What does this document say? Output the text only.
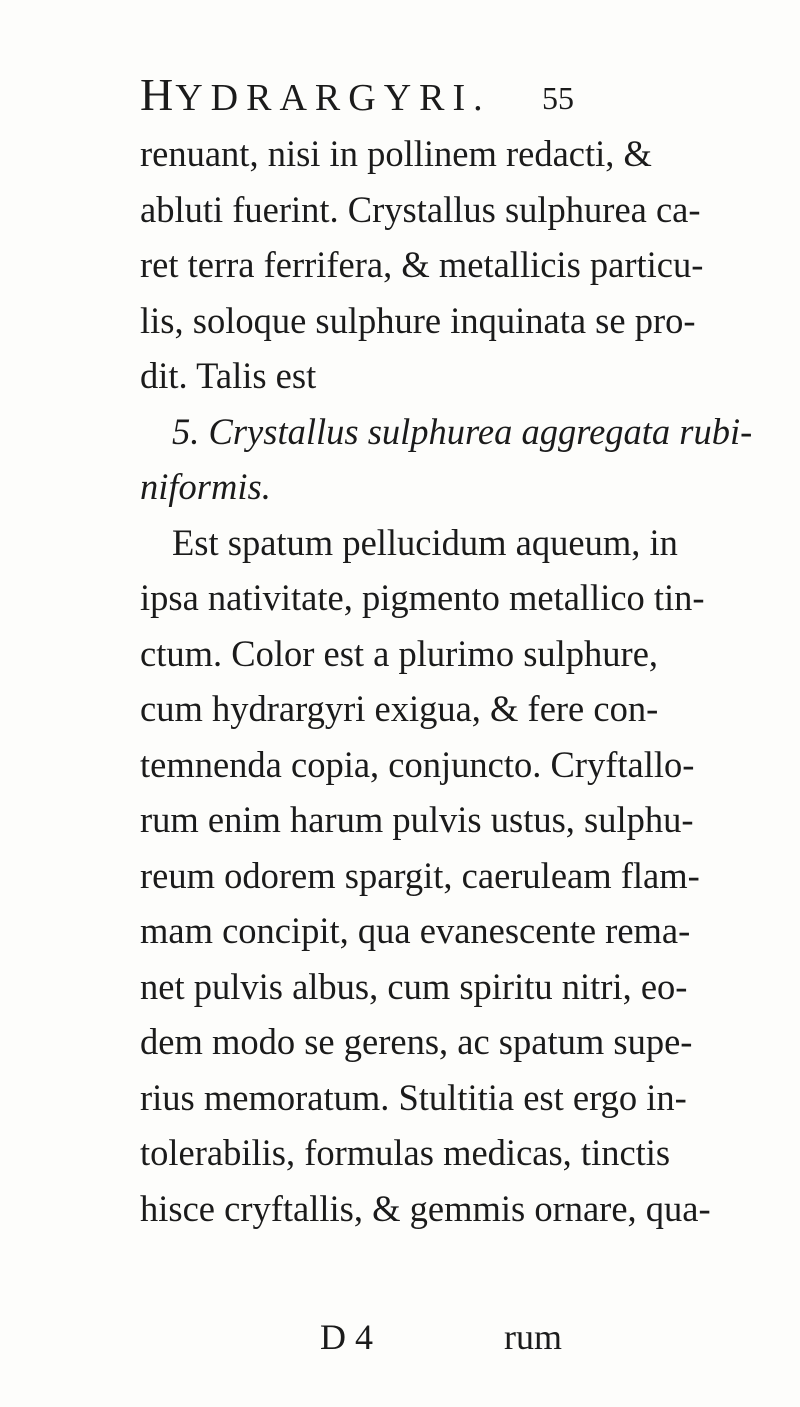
HYDRARGYRI. 55
renuant, nisi in pollinem redacti, &
abluti fuerint. Crystallus sulphurea ca-
ret terra ferrifera, & metallicis particu-
lis, soloque sulphure inquinata se pro-
dit. Talis est
5. Crystallus sulphurea aggregata rubi-
niformis.
Est spatum pellucidum aqueum, in
ipsa nativitate, pigmento metallico tin-
ctum. Color est a plurimo sulphure,
cum hydrargyri exigua, & fere con-
temnenda copia, conjuncto. Cryftallo-
rum enim harum pulvis ustus, sulphu-
reum odorem spargit, caeruleam flam-
mam concipit, qua evanescente rema-
net pulvis albus, cum spiritu nitri, eo-
dem modo se gerens, ac spatum supe-
rius memoratum. Stultitia est ergo in-
tolerabilis, formulas medicas, tinctis
hisce cryftallis, & gemmis ornare, qua-
D 4	rum
